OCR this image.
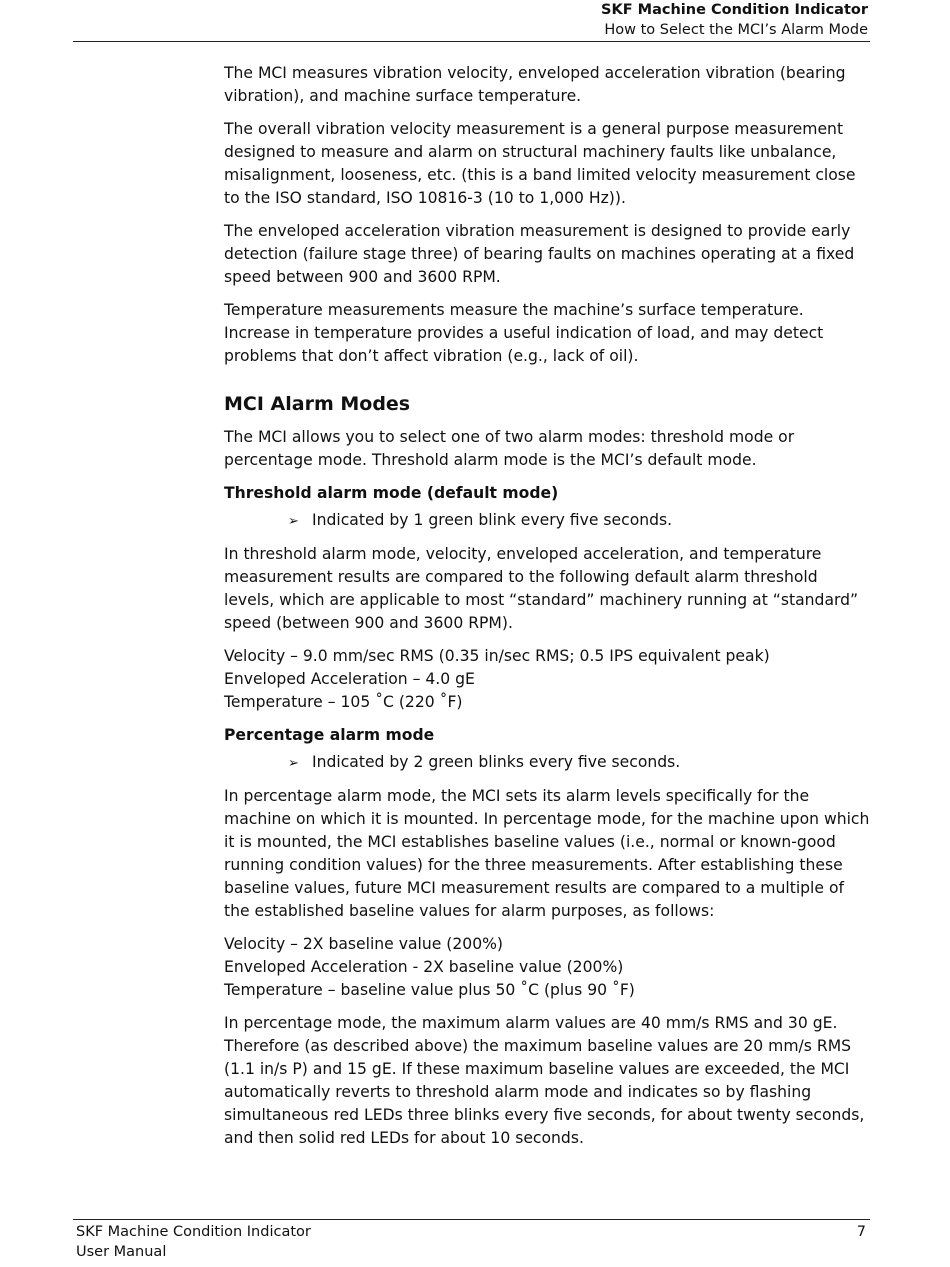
SKF Machine Condition Indicator
How to Select the MCI’s Alarm Mode

The MCI measures vibration velocity, enveloped acceleration vibration (bearing vibration), and machine surface temperature.

The overall vibration velocity measurement is a general purpose measurement designed to measure and alarm on structural machinery faults like unbalance, misalignment, looseness, etc. (this is a band limited velocity measurement close to the ISO standard, ISO 10816-3 (10 to 1,000 Hz)).

The enveloped acceleration vibration measurement is designed to provide early detection (failure stage three) of bearing faults on machines operating at a fixed speed between 900 and 3600 RPM.

Temperature measurements measure the machine’s surface temperature. Increase in temperature provides a useful indication of load, and may detect problems that don’t affect vibration (e.g., lack of oil).

MCI Alarm Modes

The MCI allows you to select one of two alarm modes: threshold mode or percentage mode. Threshold alarm mode is the MCI’s default mode.

Threshold alarm mode (default mode)
➢ Indicated by 1 green blink every five seconds.

In threshold alarm mode, velocity, enveloped acceleration, and temperature measurement results are compared to the following default alarm threshold levels, which are applicable to most “standard” machinery running at “standard” speed (between 900 and 3600 RPM).

Velocity – 9.0 mm/sec RMS (0.35 in/sec RMS; 0.5 IPS equivalent peak)
Enveloped Acceleration – 4.0 gE
Temperature – 105 ˚C (220 ˚F)
Percentage alarm mode
➢ Indicated by 2 green blinks every five seconds.

In percentage alarm mode, the MCI sets its alarm levels specifically for the machine on which it is mounted. In percentage mode, for the machine upon which it is mounted, the MCI establishes baseline values (i.e., normal or known-good running condition values) for the three measurements. After establishing these baseline values, future MCI measurement results are compared to a multiple of the established baseline values for alarm purposes, as follows:

Velocity – 2X baseline value (200%)
Enveloped Acceleration - 2X baseline value (200%)
Temperature – baseline value plus 50 ˚C (plus 90 ˚F)

In percentage mode, the maximum alarm values are 40 mm/s RMS and 30 gE. Therefore (as described above) the maximum baseline values are 20 mm/s RMS (1.1 in/s P) and 15 gE. If these maximum baseline values are exceeded, the MCI automatically reverts to threshold alarm mode and indicates so by flashing simultaneous red LEDs three blinks every five seconds, for about twenty seconds, and then solid red LEDs for about 10 seconds.

SKF Machine Condition Indicator
User Manual
7
